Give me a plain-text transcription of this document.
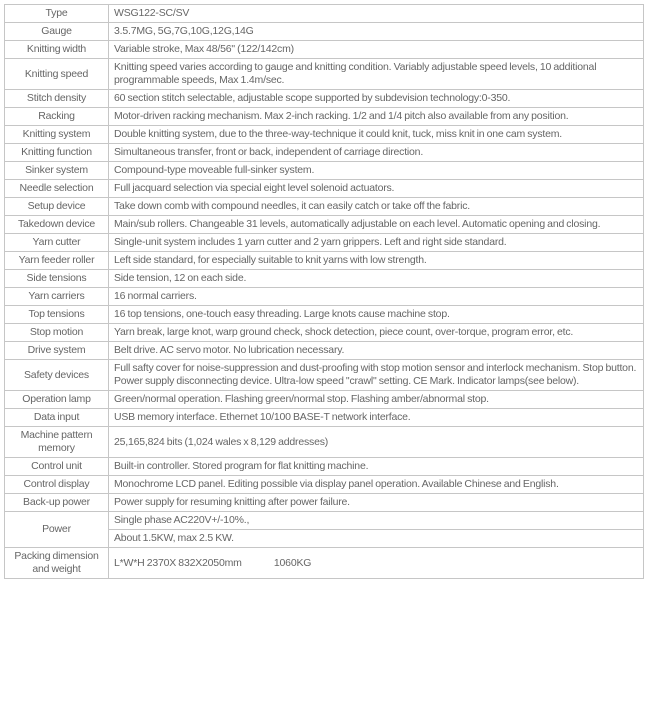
Type	WSG122-SC/SV
Gauge	3.5.7MG, 5G,7G,10G,12G,14G
Knitting width	Variable stroke, Max 48/56" (122/142cm)
Knitting speed	Knitting speed varies according to gauge and knitting condition. Variably adjustable speed levels, 10 additional programmable speeds, Max 1.4m/sec.
Stitch density	60 section stitch selectable, adjustable scope supported by subdevision technology:0-350.
Racking	Motor-driven racking mechanism. Max 2-inch racking. 1/2 and 1/4 pitch also available from any position.
Knitting system	Double knitting system, due to the three-way-technique it could knit, tuck, miss knit in one cam system.
Knitting function	Simultaneous transfer, front or back, independent of carriage direction.
Sinker system	Compound-type moveable full-sinker system.
Needle selection	Full jacquard selection via special eight level solenoid actuators.
Setup device	Take down comb with compound needles, it can easily catch or take off the fabric.
Takedown device	Main/sub rollers. Changeable 31 levels, automatically adjustable on each level. Automatic opening and closing.
Yarn cutter	Single-unit system includes 1 yarn cutter and 2 yarn grippers. Left and right side standard.
Yarn feeder roller	Left side standard, for especially suitable to knit yarns with low strength.
Side tensions	Side tension, 12 on each side.
Yarn carriers	16 normal carriers.
Top tensions	16 top tensions, one-touch easy threading. Large knots cause machine stop.
Stop motion	Yarn break, large knot, warp ground check, shock detection, piece count, over-torque, program error, etc.
Drive system	Belt drive. AC servo motor. No lubrication necessary.
Safety devices	Full safty cover for noise-suppression and dust-proofing with stop motion sensor and interlock mechanism. Stop button. Power supply disconnecting device. Ultra-low speed "crawl" setting. CE Mark. Indicator lamps(see below).
Operation lamp	Green/normal operation. Flashing green/normal stop. Flashing amber/abnormal stop.
Data input	USB memory interface. Ethernet 10/100 BASE-T network interface.
Machine pattern memory	25,165,824 bits (1,024 wales x 8,129 addresses)
Control unit	Built-in controller. Stored program for flat knitting machine.
Control display	Monochrome LCD panel. Editing possible via display panel operation. Available Chinese and English.
Back-up power	Power supply for resuming knitting after power failure.
Power	Single phase AC220V+/-10%.,
	About 1.5KW, max 2.5 KW.
Packing dimension and weight	L*W*H 2370X 832X2050mm 1060KG
